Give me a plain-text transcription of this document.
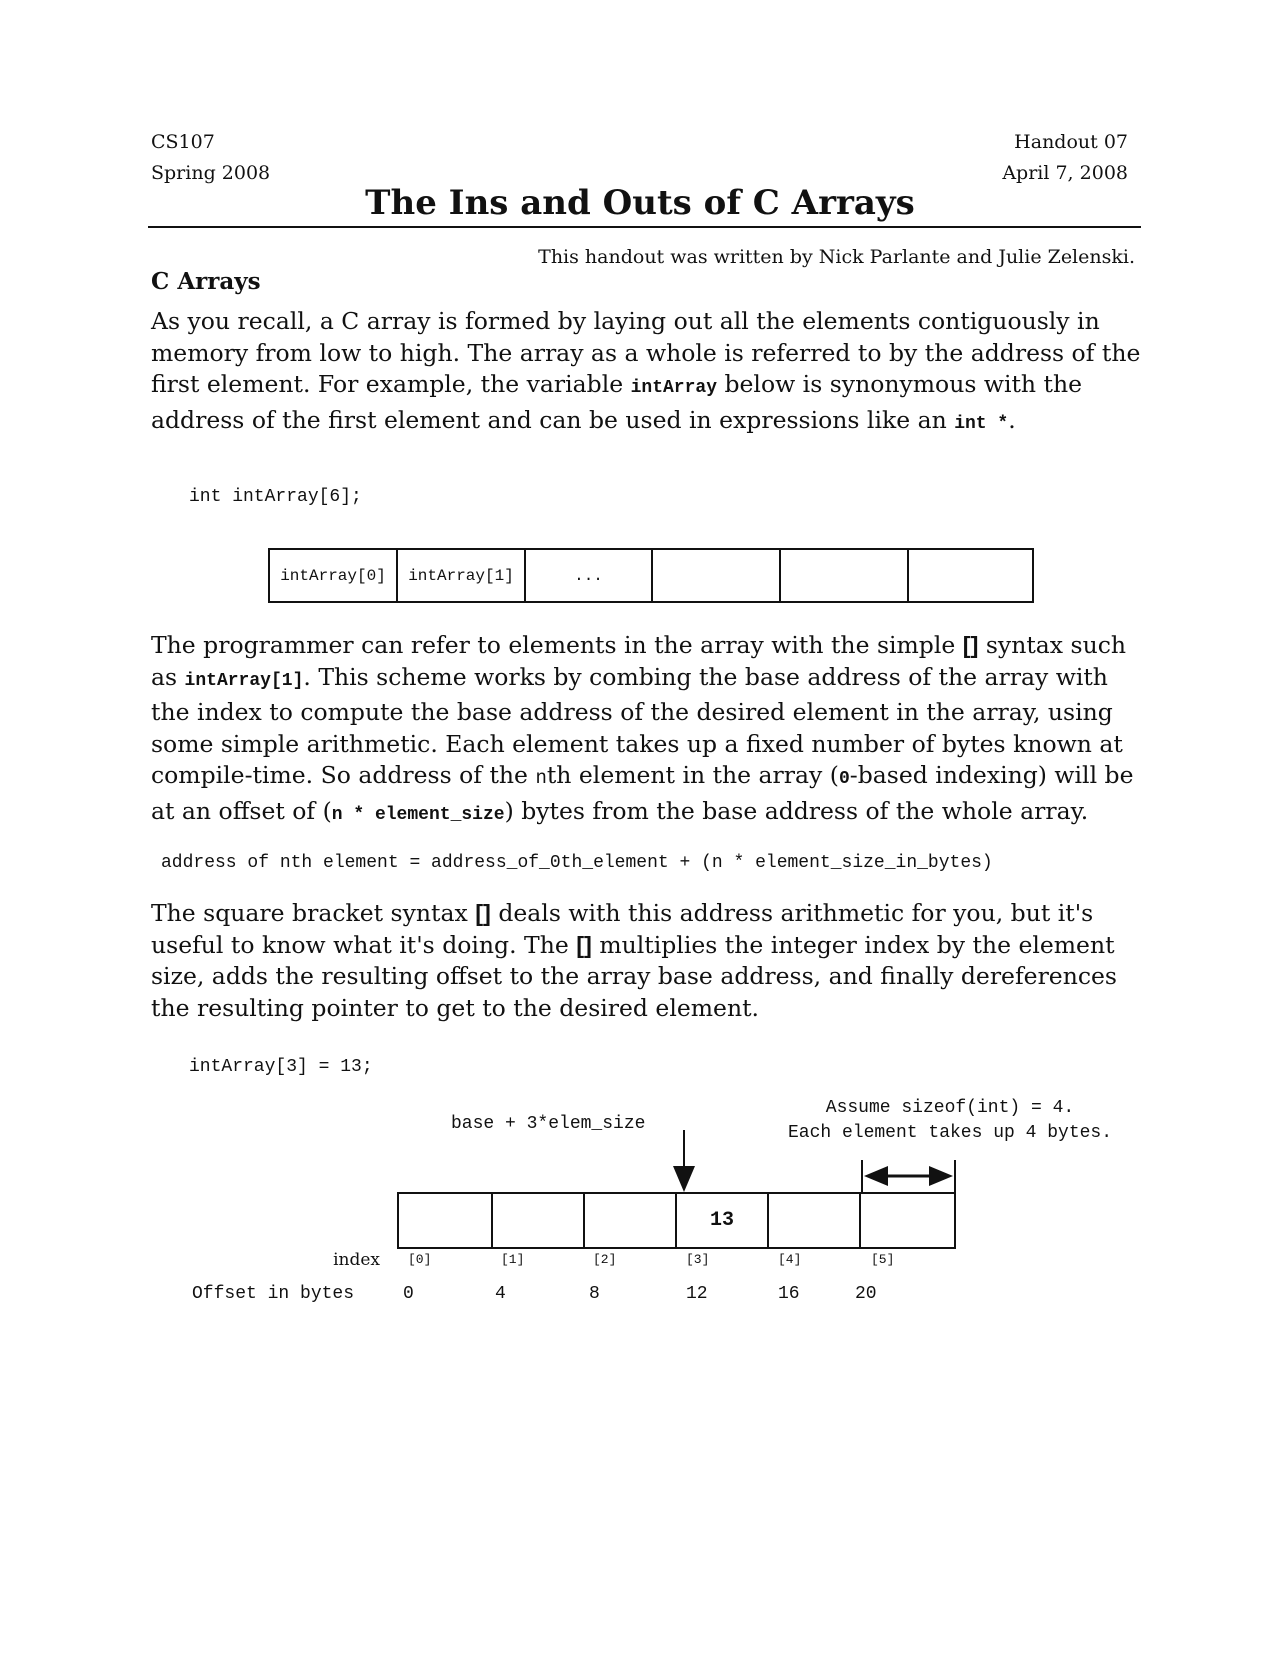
CS107
Spring 2008
Handout 07
April 7, 2008
The Ins and Outs of C Arrays
This handout was written by Nick Parlante and Julie Zelenski.
C Arrays
As you recall, a C array is formed by laying out all the elements contiguously in memory from low to high. The array as a whole is referred to by the address of the first element. For example, the variable intArray below is synonymous with the address of the first element and can be used in expressions like an int *.
int intArray[6];
intArray[0]	intArray[1]	...
The programmer can refer to elements in the array with the simple [] syntax such as intArray[1]. This scheme works by combing the base address of the array with the index to compute the base address of the desired element in the array, using some simple arithmetic. Each element takes up a fixed number of bytes known at compile-time. So address of the nth element in the array (0-based indexing) will be at an offset of (n * element_size) bytes from the base address of the whole array.
address of nth element = address_of_0th_element + (n * element_size_in_bytes)
The square bracket syntax [] deals with this address arithmetic for you, but it's useful to know what it's doing. The [] multiplies the integer index by the element size, adds the resulting offset to the array base address, and finally dereferences the resulting pointer to get to the desired element.
intArray[3] = 13;
base + 3*elem_size
Assume sizeof(int) = 4.
Each element takes up 4 bytes.
13
index [0]	[1]	[2]	[3]	[4]	[5]
Offset in bytes	0	4	8	12	16	20
